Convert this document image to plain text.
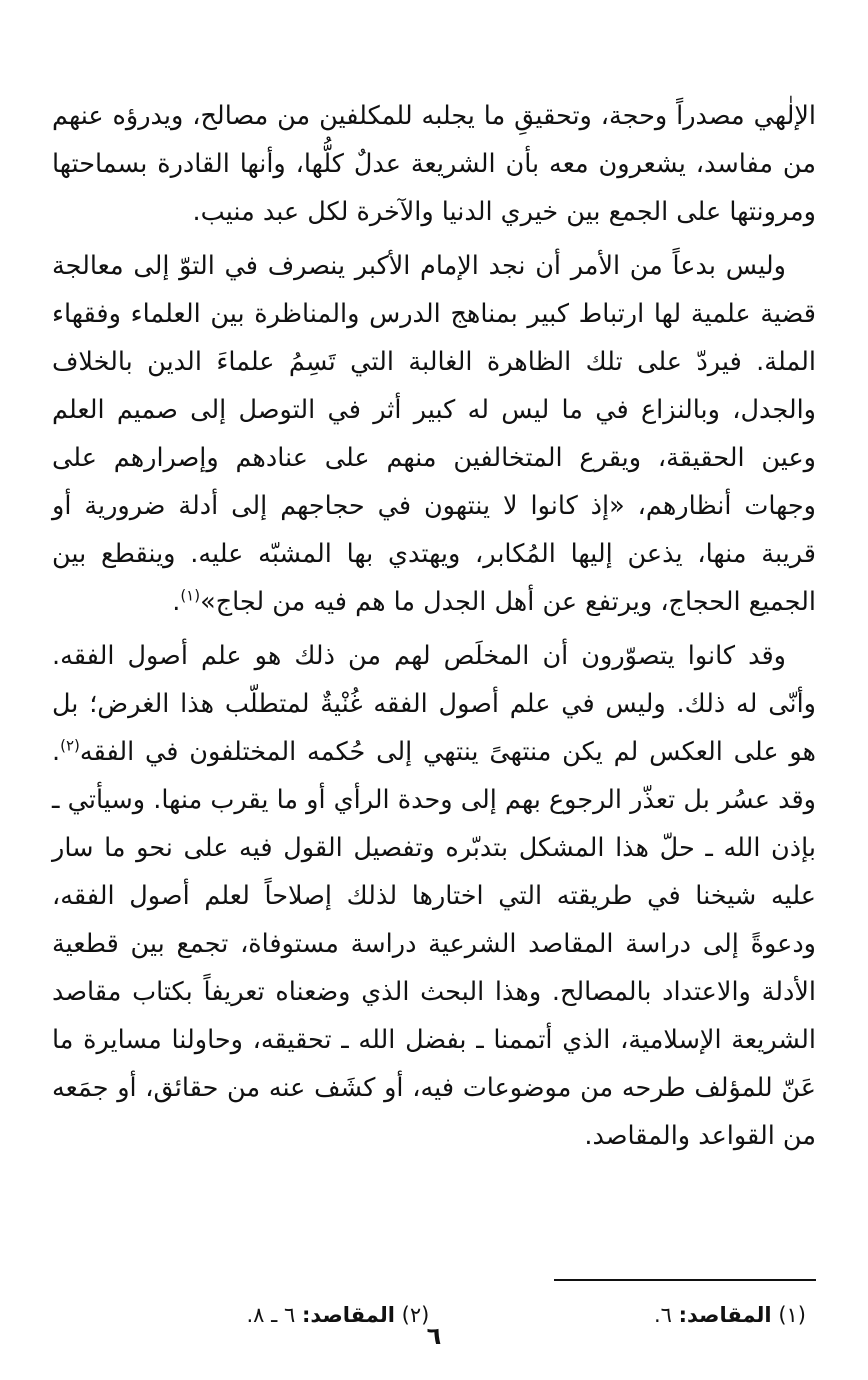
الإلٰهي مصدراً وحجة، وتحقيقِ ما يجلبه للمكلفين من مصالح، ويدرؤه عنهم من مفاسد، يشعرون معه بأن الشريعة عدلٌ كلُّها، وأنها القادرة بسماحتها ومرونتها على الجمع بين خيري الدنيا والآخرة لكل عبد منيب.

وليس بدعاً من الأمر أن نجد الإمام الأكبر ينصرف في التوّ إلى معالجة قضية علمية لها ارتباط كبير بمناهج الدرس والمناظرة بين العلماء وفقهاء الملة. فيردّ على تلك الظاهرة الغالبة التي تَسِمُ علماءَ الدين بالخلاف والجدل، وبالنزاع في ما ليس له كبير أثر في التوصل إلى صميم العلم وعين الحقيقة، ويقرع المتخالفين منهم على عنادهم وإصرارهم على وجهات أنظارهم، «إذ كانوا لا ينتهون في حجاجهم إلى أدلة ضرورية أو قريبة منها، يذعن إليها المُكابر، ويهتدي بها المشبّه عليه. وينقطع بين الجميع الحجاج، ويرتفع عن أهل الجدل ما هم فيه من لجاج»$^{(١)}$.

وقد كانوا يتصوّرون أن المخلَص لهم من ذلك هو علم أصول الفقه. وأنّى له ذلك. وليس في علم أصول الفقه غُنْيةٌ لمتطلّب هذا الغرض؛ بل هو على العكس لم يكن منتهىً ينتهي إلى حُكمه المختلفون في الفقه$^{(٢)}$. وقد عسُر بل تعذّر الرجوع بهم إلى وحدة الرأي أو ما يقرب منها. وسيأتي ـ بإذن الله ـ حلّ هذا المشكل بتدبّره وتفصيل القول فيه على نحو ما سار عليه شيخنا في طريقته التي اختارها لذلك إصلاحاً لعلم أصول الفقه، ودعوةً إلى دراسة المقاصد الشرعية دراسة مستوفاة، تجمع بين قطعية الأدلة والاعتداد بالمصالح. وهذا البحث الذي وضعناه تعريفاً بكتاب مقاصد الشريعة الإسلامية، الذي أتممنا ـ بفضل الله ـ تحقيقه، وحاولنا مسايرة ما عَنّ للمؤلف طرحه من موضوعات فيه، أو كشَف عنه من حقائق، أو جمَعه من القواعد والمقاصد.

(١) المقاصد: ٦. (٢) المقاصد: ٦ ـ ٨.
٦
